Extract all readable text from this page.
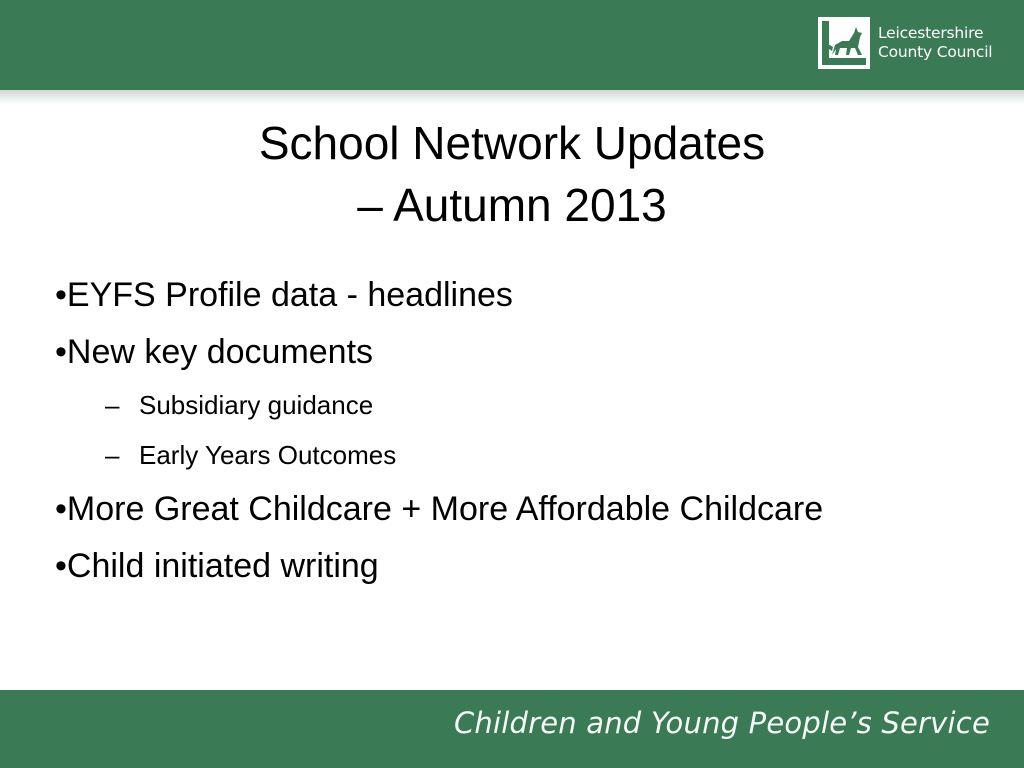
Leicestershire
County Council
School Network Updates
– Autumn 2013
•EYFS Profile data - headlines
•New key documents
– Subsidiary guidance
– Early Years Outcomes
•More Great Childcare + More Affordable Childcare
•Child initiated writing
Children and Young People’s Service
